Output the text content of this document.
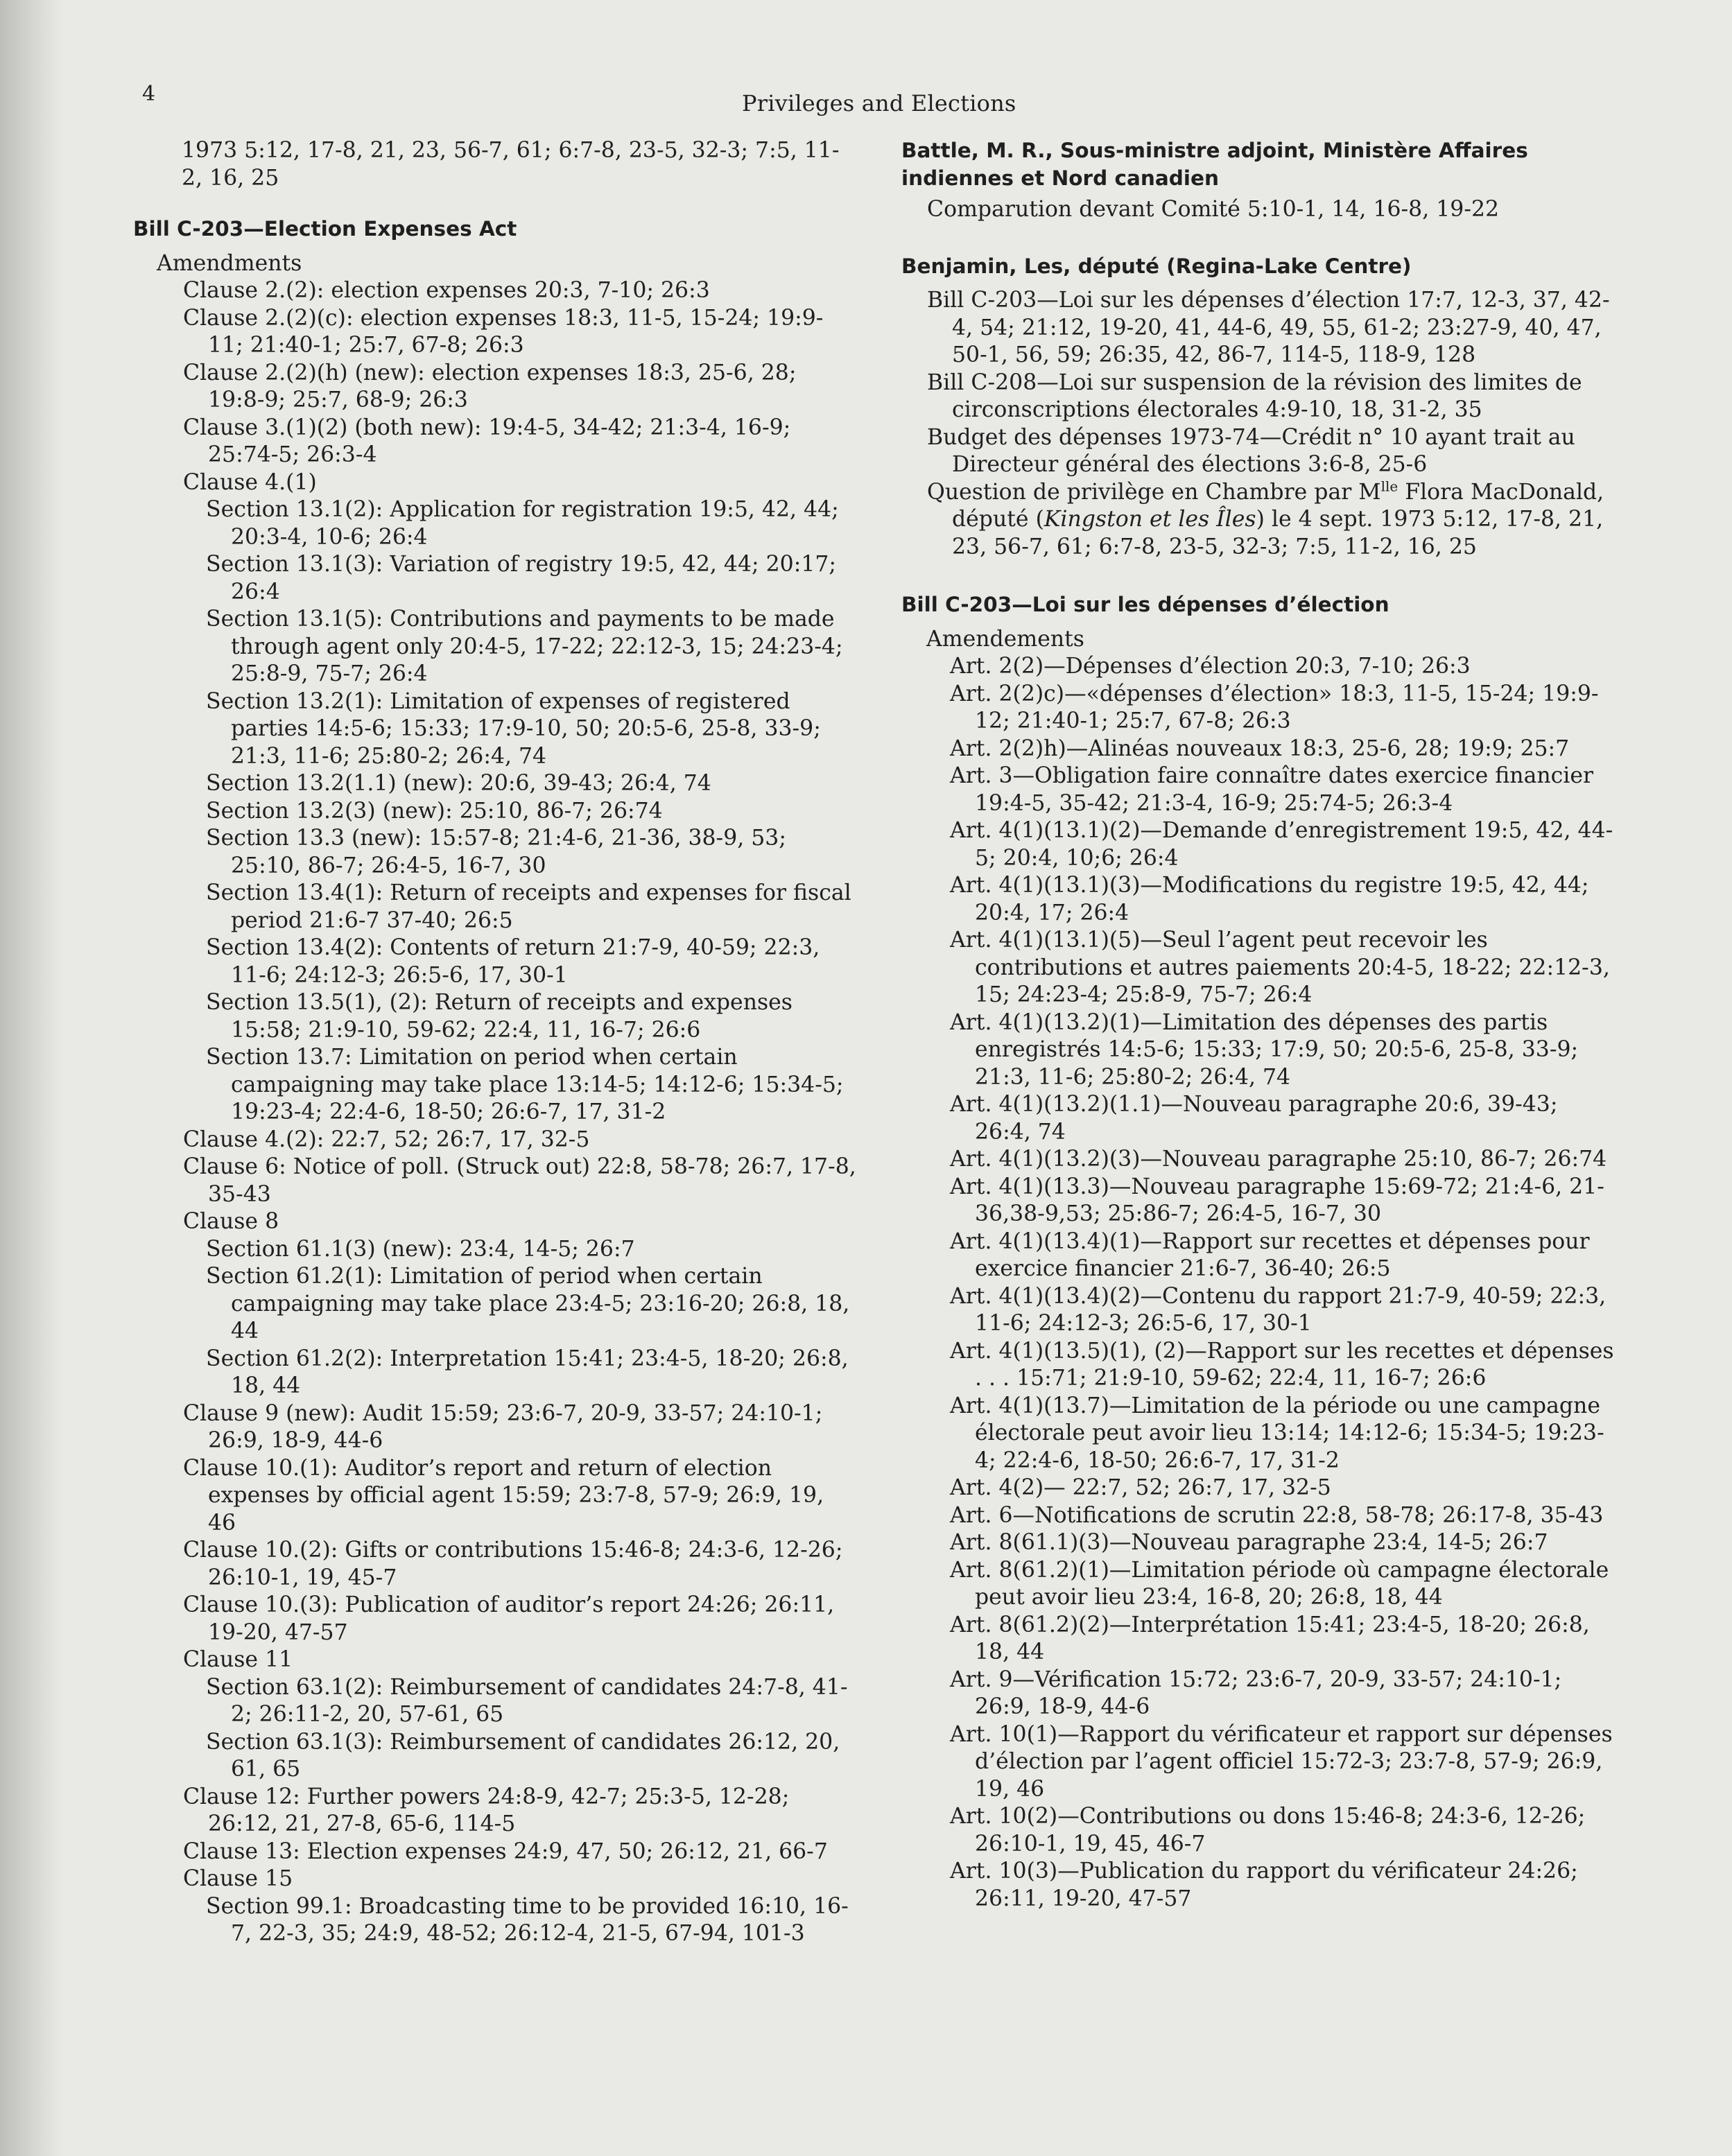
4	Privileges and Elections

1973 5:12, 17-8, 21, 23, 56-7, 61; 6:7-8, 23-5, 32-3; 7:5, 11-2, 16, 25

Bill C-203—Election Expenses Act

Amendments

Clause 2.(2): election expenses 20:3, 7-10; 26:3

Clause 2.(2)(c): election expenses 18:3, 11-5, 15-24; 19:9-11; 21:40-1; 25:7, 67-8; 26:3

Clause 2.(2)(h) (new): election expenses 18:3, 25-6, 28; 19:8-9; 25:7, 68-9; 26:3

Clause 3.(1)(2) (both new): 19:4-5, 34-42; 21:3-4, 16-9; 25:74-5; 26:3-4

Clause 4.(1)

Section 13.1(2): Application for registration 19:5, 42, 44; 20:3-4, 10-6; 26:4

Section 13.1(3): Variation of registry 19:5, 42, 44; 20:17; 26:4

Section 13.1(5): Contributions and payments to be made through agent only 20:4-5, 17-22; 22:12-3, 15; 24:23-4; 25:8-9, 75-7; 26:4

Section 13.2(1): Limitation of expenses of registered parties 14:5-6; 15:33; 17:9-10, 50; 20:5-6, 25-8, 33-9; 21:3, 11-6; 25:80-2; 26:4, 74

Section 13.2(1.1) (new): 20:6, 39-43; 26:4, 74

Section 13.2(3) (new): 25:10, 86-7; 26:74

Section 13.3 (new): 15:57-8; 21:4-6, 21-36, 38-9, 53; 25:10, 86-7; 26:4-5, 16-7, 30

Section 13.4(1): Return of receipts and expenses for fiscal period 21:6-7 37-40; 26:5

Section 13.4(2): Contents of return 21:7-9, 40-59; 22:3, 11-6; 24:12-3; 26:5-6, 17, 30-1

Section 13.5(1), (2): Return of receipts and expenses 15:58; 21:9-10, 59-62; 22:4, 11, 16-7; 26:6

Section 13.7: Limitation on period when certain campaigning may take place 13:14-5; 14:12-6; 15:34-5; 19:23-4; 22:4-6, 18-50; 26:6-7, 17, 31-2

Clause 4.(2): 22:7, 52; 26:7, 17, 32-5

Clause 6: Notice of poll. (Struck out) 22:8, 58-78; 26:7, 17-8, 35-43

Clause 8

Section 61.1(3) (new): 23:4, 14-5; 26:7

Section 61.2(1): Limitation of period when certain campaigning may take place 23:4-5; 23:16-20; 26:8, 18, 44

Section 61.2(2): Interpretation 15:41; 23:4-5, 18-20; 26:8, 18, 44

Clause 9 (new): Audit 15:59; 23:6-7, 20-9, 33-57; 24:10-1; 26:9, 18-9, 44-6

Clause 10.(1): Auditor’s report and return of election expenses by official agent 15:59; 23:7-8, 57-9; 26:9, 19, 46

Clause 10.(2): Gifts or contributions 15:46-8; 24:3-6, 12-26; 26:10-1, 19, 45-7

Clause 10.(3): Publication of auditor’s report 24:26; 26:11, 19-20, 47-57

Clause 11

Section 63.1(2): Reimbursement of candidates 24:7-8, 41-2; 26:11-2, 20, 57-61, 65

Section 63.1(3): Reimbursement of candidates 26:12, 20, 61, 65

Clause 12: Further powers 24:8-9, 42-7; 25:3-5, 12-28; 26:12, 21, 27-8, 65-6, 114-5

Clause 13: Election expenses 24:9, 47, 50; 26:12, 21, 66-7

Clause 15

Section 99.1: Broadcasting time to be provided 16:10, 16-7, 22-3, 35; 24:9, 48-52; 26:12-4, 21-5, 67-94, 101-3

Battle, M. R., Sous-ministre adjoint, Ministère Affaires indiennes et Nord canadien

Comparution devant Comité 5:10-1, 14, 16-8, 19-22

Benjamin, Les, député (Regina-Lake Centre)

Bill C-203—Loi sur les dépenses d’élection 17:7, 12-3, 37, 42-4, 54; 21:12, 19-20, 41, 44-6, 49, 55, 61-2; 23:27-9, 40, 47, 50-1, 56, 59; 26:35, 42, 86-7, 114-5, 118-9, 128

Bill C-208—Loi sur suspension de la révision des limites de circonscriptions électorales 4:9-10, 18, 31-2, 35

Budget des dépenses 1973-74—Crédit n° 10 ayant trait au Directeur général des élections 3:6-8, 25-6

Question de privilège en Chambre par $M^{lle}$ Flora MacDonald, député (Kingston et les Îles) le 4 sept. 1973 5:12, 17-8, 21, 23, 56-7, 61; 6:7-8, 23-5, 32-3; 7:5, 11-2, 16, 25

Bill C-203—Loi sur les dépenses d’élection

Amendements

Art. 2(2)—Dépenses d’élection 20:3, 7-10; 26:3

Art. 2(2)c)—«dépenses d’élection» 18:3, 11-5, 15-24; 19:9-12; 21:40-1; 25:7, 67-8; 26:3

Art. 2(2)h)—Alinéas nouveaux 18:3, 25-6, 28; 19:9; 25:7

Art. 3—Obligation faire connaître dates exercice financier 19:4-5, 35-42; 21:3-4, 16-9; 25:74-5; 26:3-4

Art. 4(1)(13.1)(2)—Demande d’enregistrement 19:5, 42, 44-5; 20:4, 10;6; 26:4

Art. 4(1)(13.1)(3)—Modifications du registre 19:5, 42, 44; 20:4, 17; 26:4

Art. 4(1)(13.1)(5)—Seul l’agent peut recevoir les contributions et autres paiements 20:4-5, 18-22; 22:12-3, 15; 24:23-4; 25:8-9, 75-7; 26:4

Art. 4(1)(13.2)(1)—Limitation des dépenses des partis enregistrés 14:5-6; 15:33; 17:9, 50; 20:5-6, 25-8, 33-9; 21:3, 11-6; 25:80-2; 26:4, 74

Art. 4(1)(13.2)(1.1)—Nouveau paragraphe 20:6, 39-43; 26:4, 74

Art. 4(1)(13.2)(3)—Nouveau paragraphe 25:10, 86-7; 26:74

Art. 4(1)(13.3)—Nouveau paragraphe 15:69-72; 21:4-6, 21-36,38-9,53; 25:86-7; 26:4-5, 16-7, 30

Art. 4(1)(13.4)(1)—Rapport sur recettes et dépenses pour exercice financier 21:6-7, 36-40; 26:5

Art. 4(1)(13.4)(2)—Contenu du rapport 21:7-9, 40-59; 22:3, 11-6; 24:12-3; 26:5-6, 17, 30-1

Art. 4(1)(13.5)(1), (2)—Rapport sur les recettes et dépenses . . . 15:71; 21:9-10, 59-62; 22:4, 11, 16-7; 26:6

Art. 4(1)(13.7)—Limitation de la période ou une campagne électorale peut avoir lieu 13:14; 14:12-6; 15:34-5; 19:23-4; 22:4-6, 18-50; 26:6-7, 17, 31-2

Art. 4(2)— 22:7, 52; 26:7, 17, 32-5

Art. 6—Notifications de scrutin 22:8, 58-78; 26:17-8, 35-43

Art. 8(61.1)(3)—Nouveau paragraphe 23:4, 14-5; 26:7

Art. 8(61.2)(1)—Limitation période où campagne électorale peut avoir lieu 23:4, 16-8, 20; 26:8, 18, 44

Art. 8(61.2)(2)—Interprétation 15:41; 23:4-5, 18-20; 26:8, 18, 44

Art. 9—Vérification 15:72; 23:6-7, 20-9, 33-57; 24:10-1; 26:9, 18-9, 44-6

Art. 10(1)—Rapport du vérificateur et rapport sur dépenses d’élection par l’agent officiel 15:72-3; 23:7-8, 57-9; 26:9, 19, 46

Art. 10(2)—Contributions ou dons 15:46-8; 24:3-6, 12-26; 26:10-1, 19, 45, 46-7

Art. 10(3)—Publication du rapport du vérificateur 24:26; 26:11, 19-20, 47-57
